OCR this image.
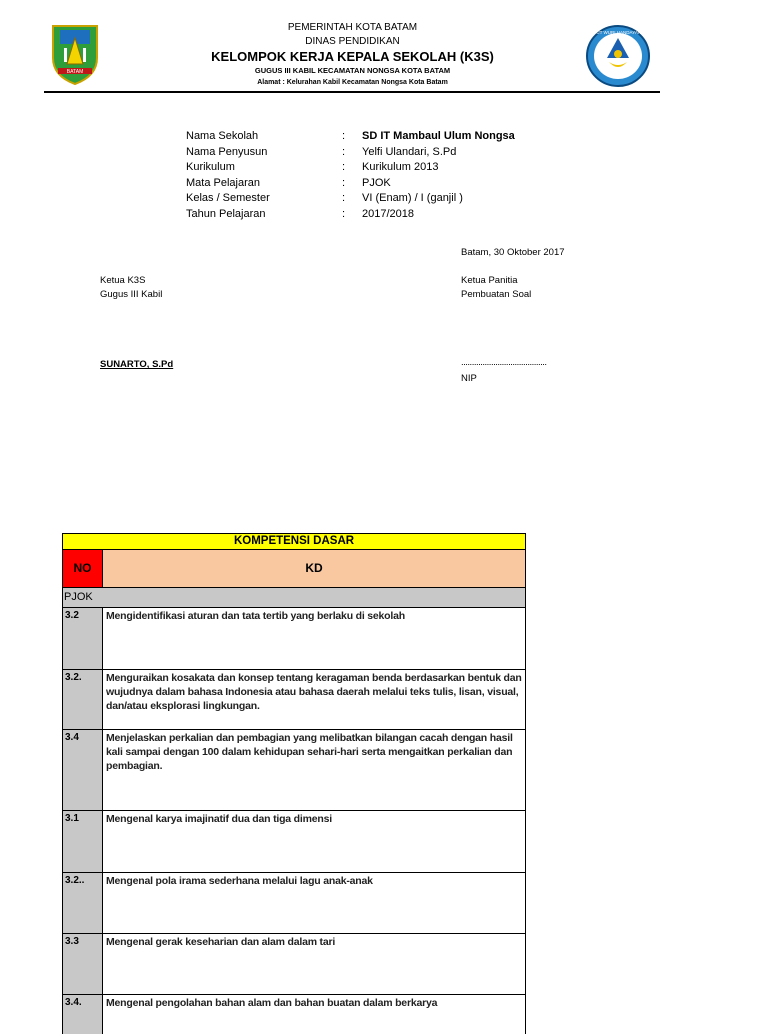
BATAM
TUT WURI HANDAYANI
PEMERINTAH KOTA BATAM
DINAS PENDIDIKAN
KELOMPOK KERJA KEPALA SEKOLAH (K3S)
GUGUS III KABIL KECAMATAN NONGSA KOTA BATAM
Alamat : Kelurahan Kabil Kecamatan Nongsa Kota Batam
Nama Sekolah	:	SD IT Mambaul Ulum Nongsa
Nama Penyusun	:	Yelfi Ulandari, S.Pd
Kurikulum	:	Kurikulum 2013
Mata Pelajaran	:	PJOK
Kelas / Semester	:	VI (Enam) / I (ganjil )
Tahun Pelajaran	:	2017/2018
Batam, 30 Oktober 2017
Ketua K3S
Gugus III Kabil
Ketua Panitia
Pembuatan Soal
SUNARTO, S.Pd	........................................
NIP
KOMPETENSI DASAR
NO	KD
PJOK
3.2	Mengidentifikasi aturan dan tata tertib yang berlaku di sekolah
3.2.	Menguraikan kosakata dan konsep tentang keragaman benda berdasarkan bentuk dan wujudnya dalam bahasa Indonesia atau bahasa daerah melalui teks tulis, lisan, visual, dan/atau eksplorasi lingkungan.
3.4	Menjelaskan perkalian dan pembagian yang melibatkan bilangan cacah dengan hasil kali sampai dengan 100 dalam kehidupan sehari-hari serta mengaitkan perkalian dan pembagian.
3.1	Mengenal karya imajinatif dua dan tiga dimensi
3.2..	Mengenal pola irama sederhana melalui lagu anak-anak
3.3	Mengenal gerak keseharian dan alam dalam tari
3.4.	Mengenal pengolahan bahan alam dan bahan buatan dalam berkarya
